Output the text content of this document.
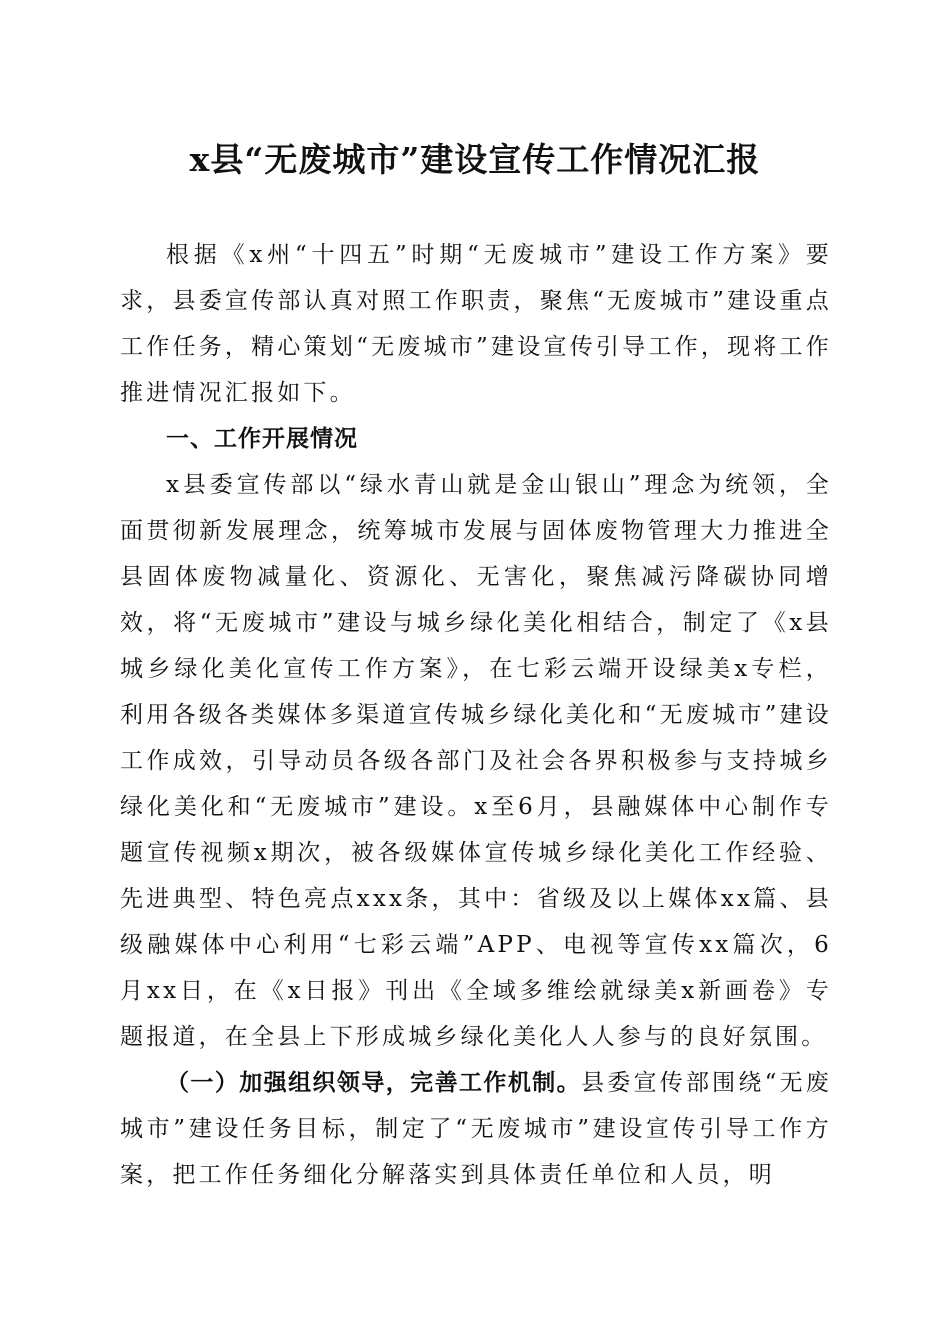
x县“无废城市”建设宣传工作情况汇报

根据《x州“十四五”时期“无废城市”建设工作方案》要求，县委宣传部认真对照工作职责，聚焦“无废城市”建设重点工作任务，精心策划“无废城市”建设宣传引导工作，现将工作推进情况汇报如下。

一、工作开展情况

x县委宣传部以“绿水青山就是金山银山”理念为统领，全面贯彻新发展理念，统筹城市发展与固体废物管理大力推进全县固体废物减量化、资源化、无害化，聚焦减污降碳协同增效，将“无废城市”建设与城乡绿化美化相结合，制定了《x县城乡绿化美化宣传工作方案》，在七彩云端开设绿美x专栏，利用各级各类媒体多渠道宣传城乡绿化美化和“无废城市”建设工作成效，引导动员各级各部门及社会各界积极参与支持城乡绿化美化和“无废城市”建设。x至6月，县融媒体中心制作专题宣传视频x期次，被各级媒体宣传城乡绿化美化工作经验、先进典型、特色亮点xxx条，其中：省级及以上媒体xx篇、县级融媒体中心利用“七彩云端”APP、电视等宣传xx篇次，6月xx日，在《x日报》刊出《全域多维绘就绿美x新画卷》专题报道，在全县上下形成城乡绿化美化人人参与的良好氛围。

（一）加强组织领导，完善工作机制。县委宣传部围绕“无废城市”建设任务目标，制定了“无废城市”建设宣传引导工作方案，把工作任务细化分解落实到具体责任单位和人员，明
